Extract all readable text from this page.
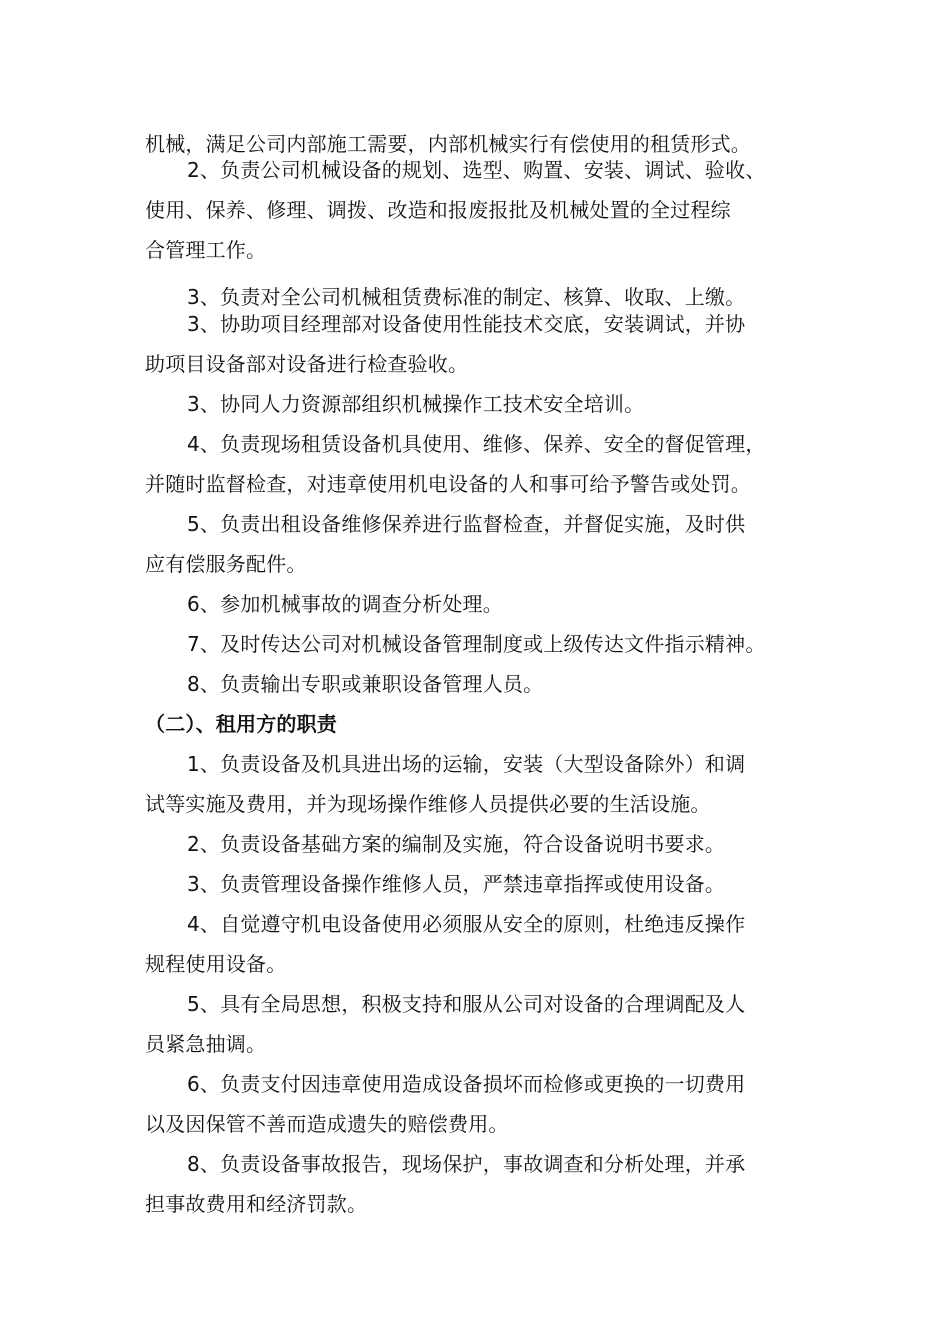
机械，满足公司内部施工需要，内部机械实行有偿使用的租赁形式。
2、负责公司机械设备的规划、选型、购置、安装、调试、验收、
使用、保养、修理、调拨、改造和报废报批及机械处置的全过程综
合管理工作。
3、负责对全公司机械租赁费标准的制定、核算、收取、上缴。
3、协助项目经理部对设备使用性能技术交底，安装调试，并协
助项目设备部对设备进行检查验收。
3、协同人力资源部组织机械操作工技术安全培训。
4、负责现场租赁设备机具使用、维修、保养、安全的督促管理，
并随时监督检查，对违章使用机电设备的人和事可给予警告或处罚。
5、负责出租设备维修保养进行监督检查，并督促实施，及时供
应有偿服务配件。
6、参加机械事故的调查分析处理。
7、及时传达公司对机械设备管理制度或上级传达文件指示精神。
8、负责输出专职或兼职设备管理人员。
（二）、租用方的职责
1、负责设备及机具进出场的运输，安装（大型设备除外）和调
试等实施及费用，并为现场操作维修人员提供必要的生活设施。
2、负责设备基础方案的编制及实施，符合设备说明书要求。
3、负责管理设备操作维修人员，严禁违章指挥或使用设备。
4、自觉遵守机电设备使用必须服从安全的原则，杜绝违反操作
规程使用设备。
5、具有全局思想，积极支持和服从公司对设备的合理调配及人
员紧急抽调。
6、负责支付因违章使用造成设备损坏而检修或更换的一切费用
以及因保管不善而造成遗失的赔偿费用。
8、负责设备事故报告，现场保护，事故调查和分析处理，并承
担事故费用和经济罚款。
